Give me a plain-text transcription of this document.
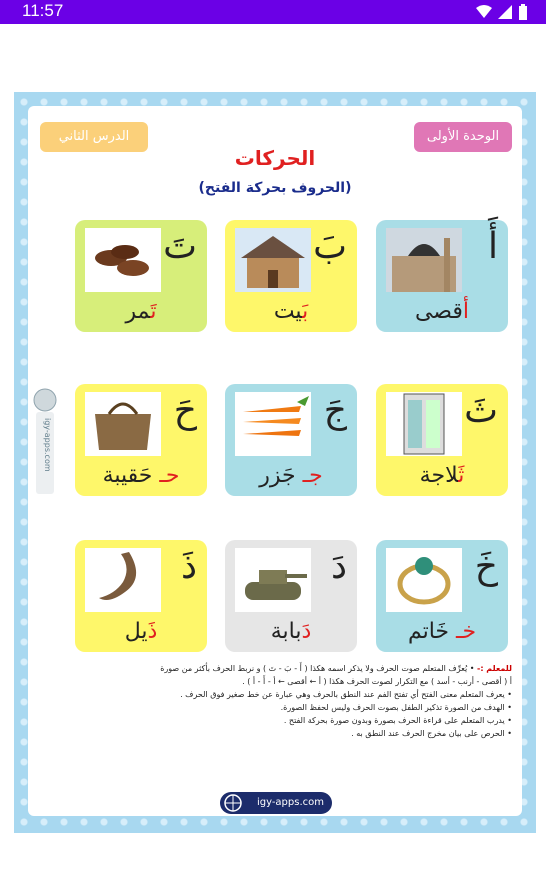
11:57
الوحدة الأولى
الدرس الثاني
الحركات
(الحروف بحركة الفتح)
أ
أقصى
ب
بَيت
ت
تَمر
ث
ثَلاجة
ج
جـ جَزر
ح
حـ حَقيبة
خ
خـ خَاتم
د
دَبابة
ذ
ذَيل
للمعلم :- • يُعرِّف المتعلم صوت الحرف ولا يذكر اسمه هكذا ( أَ - بَ - تَ ) و نربط الحرف بأكثر من صورة
أ ( أقصى - أرنب - أسد ) مع التكرار لصوت الحرف هكذا ( أ ← أقصى ← أ - أَ - أ ) .
• يعرف المتعلم معنى الفتح أي تفتح الفم عند النطق بالحرف وهي عبارة عن خط صغير فوق الحرف .
• الهدف من الصورة تذكير الطفل بصوت الحرف وليس لحفظ الصورة.
• يدرب المتعلم على قراءة الحرف بصورة وبدون صورة بحركة الفتح .
• الحرص على بيان مخرج الحرف عند النطق به .
igy-apps.com
igy-apps.com
